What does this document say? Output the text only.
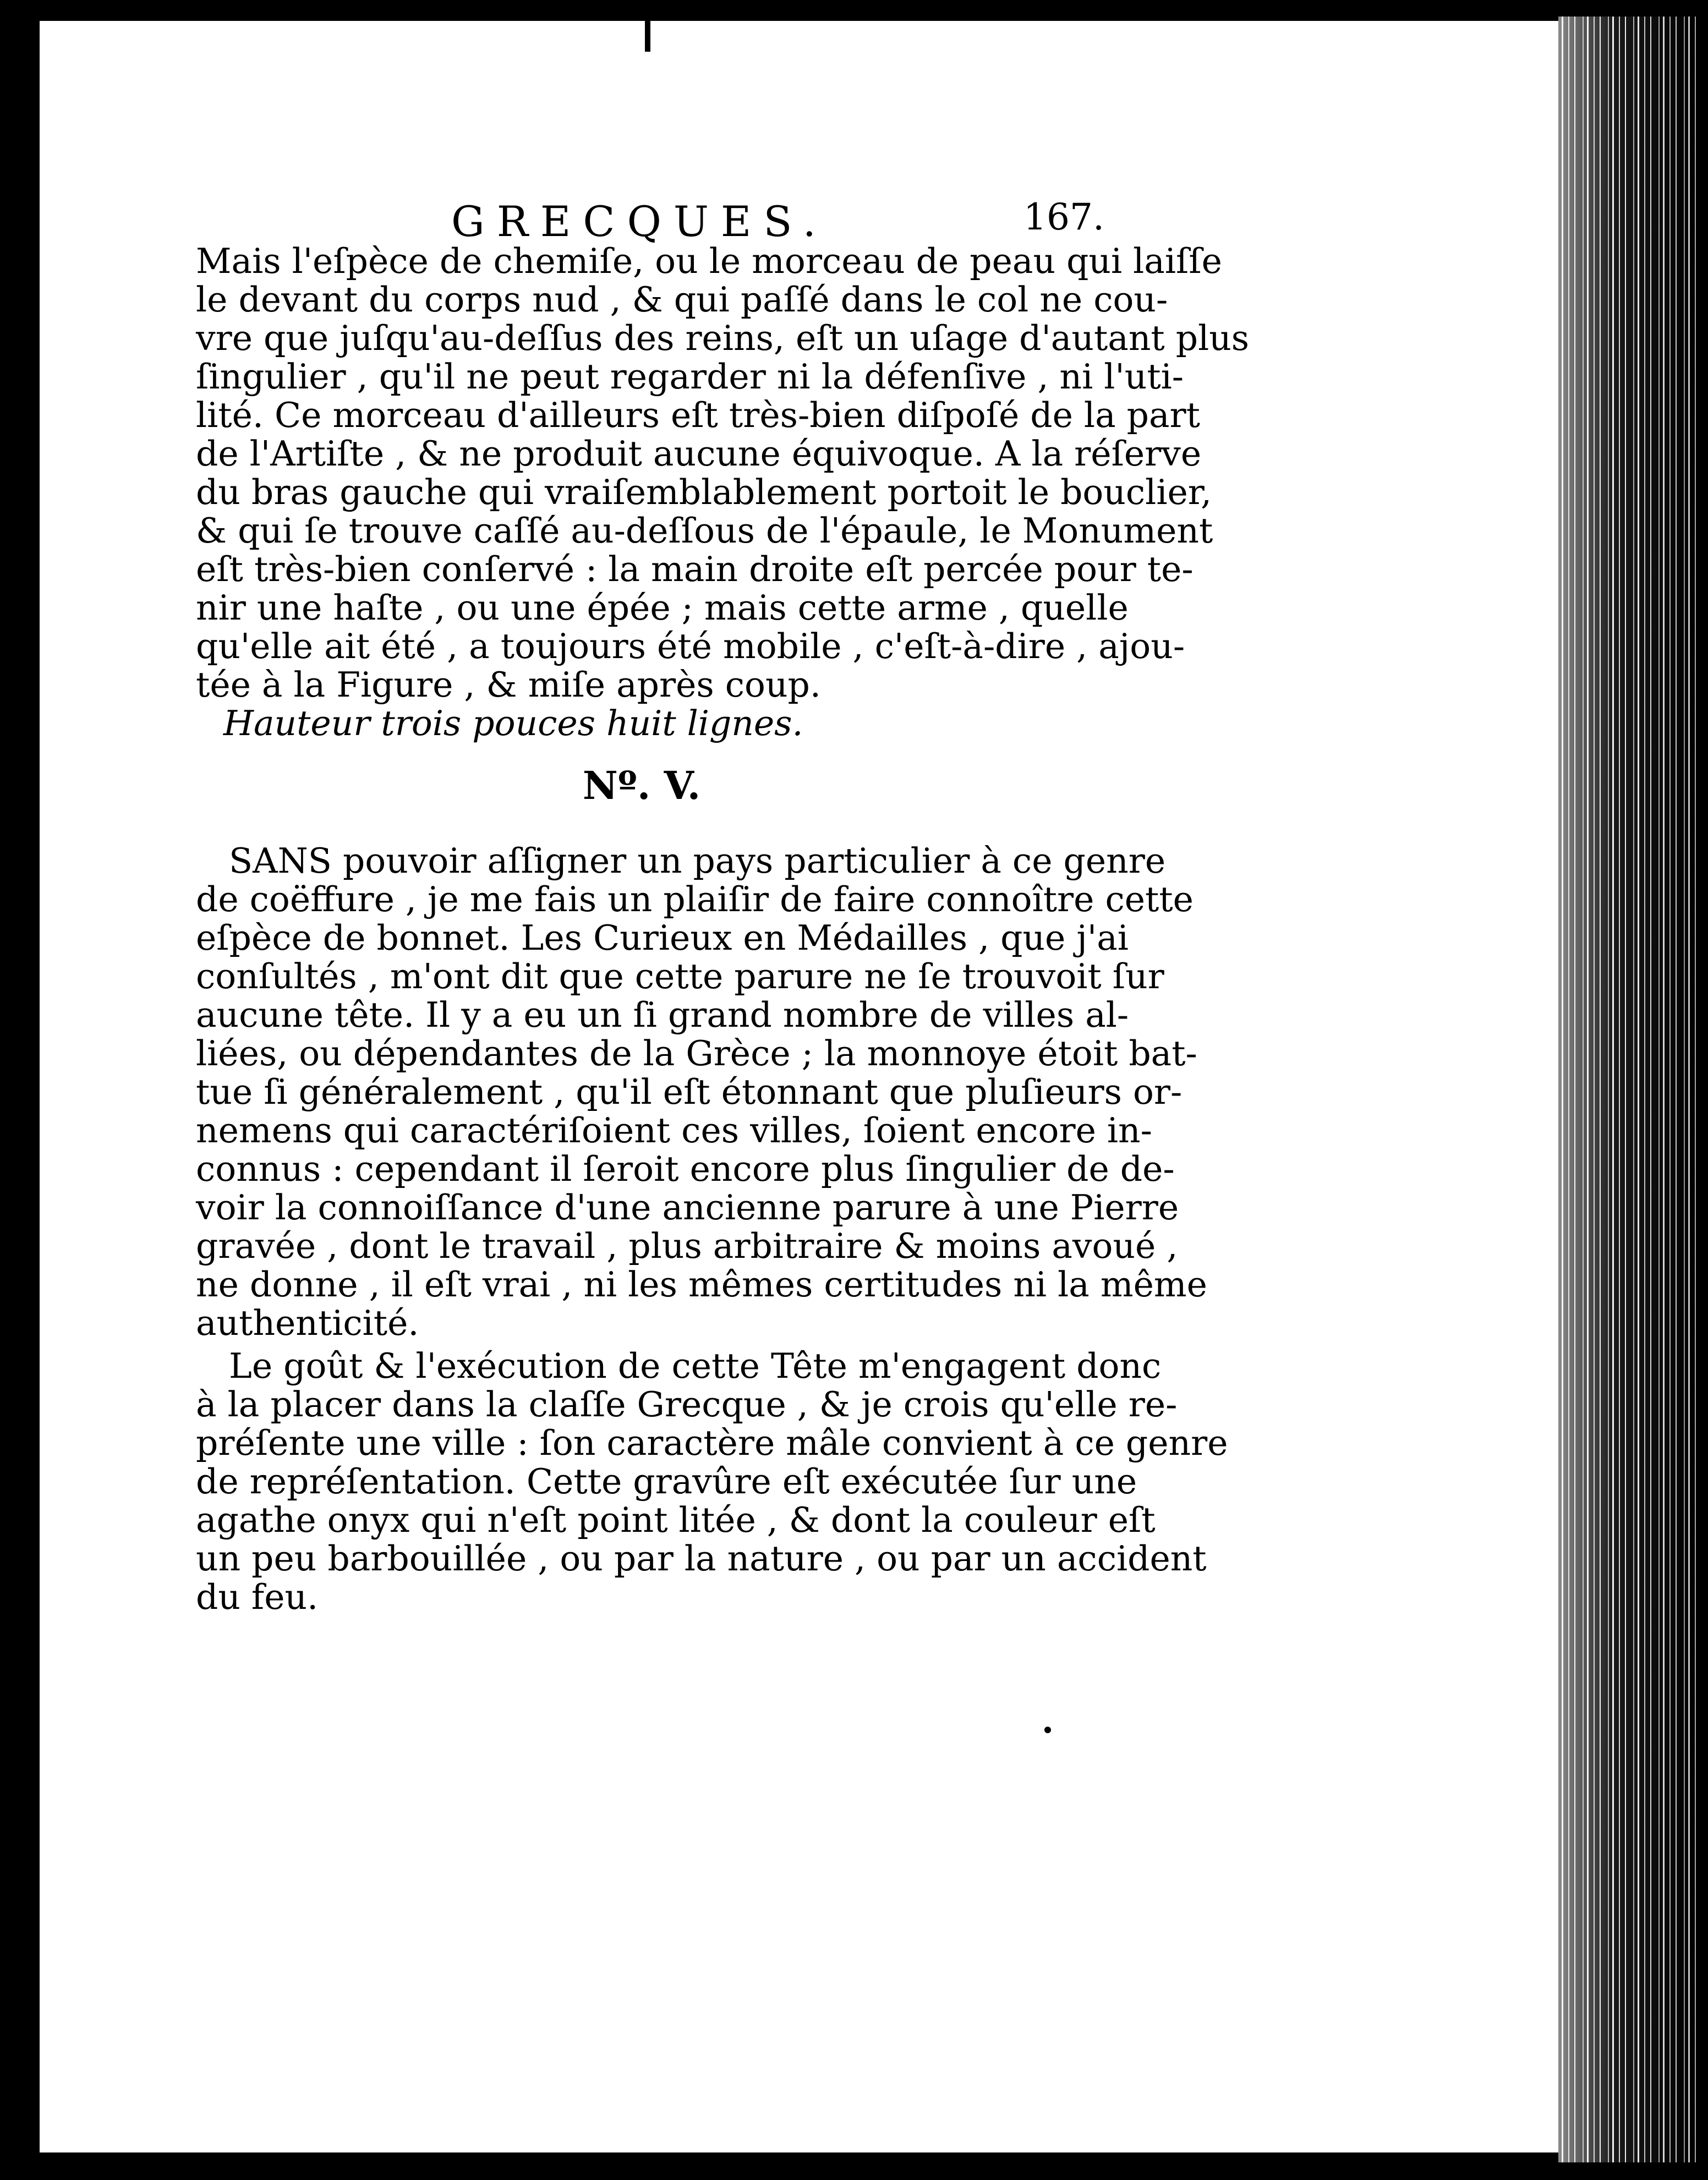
GRECQUES.	167.
Mais l'eſpèce de chemiſe, ou le morceau de peau qui laiſſe
le devant du corps nud , & qui paſſé dans le col ne cou-
vre que juſqu'au-deſſus des reins, eſt un uſage d'autant plus
ſingulier , qu'il ne peut regarder ni la défenſive , ni l'uti-
lité. Ce morceau d'ailleurs eſt très-bien diſpoſé de la part
de l'Artiſte , & ne produit aucune équivoque. A la réſerve
du bras gauche qui vraiſemblablement portoit le bouclier,
& qui ſe trouve caſſé au-deſſous de l'épaule, le Monument
eſt très-bien conſervé : la main droite eſt percée pour te-
nir une haſte , ou une épée ; mais cette arme , quelle
qu'elle ait été , a toujours été mobile , c'eſt-à-dire , ajou-
tée à la Figure , & miſe après coup.
Hauteur trois pouces huit lignes.
Nº. V.
SANS pouvoir aſſigner un pays particulier à ce genre
de coëffure , je me fais un plaiſir de faire connoître cette
eſpèce de bonnet. Les Curieux en Médailles , que j'ai
conſultés , m'ont dit que cette parure ne ſe trouvoit ſur
aucune tête. Il y a eu un ſi grand nombre de villes al-
liées, ou dépendantes de la Grèce ; la monnoye étoit bat-
tue ſi généralement , qu'il eſt étonnant que pluſieurs or-
nemens qui caractériſoient ces villes, ſoient encore in-
connus : cependant il ſeroit encore plus ſingulier de de-
voir la connoiſſance d'une ancienne parure à une Pierre
gravée , dont le travail , plus arbitraire & moins avoué ,
ne donne , il eſt vrai , ni les mêmes certitudes ni la même
authenticité.
Le goût & l'exécution de cette Tête m'engagent donc
à la placer dans la claſſe Grecque , & je crois qu'elle re-
préſente une ville : ſon caractère mâle convient à ce genre
de repréſentation. Cette gravûre eſt exécutée ſur une
agathe onyx qui n'eſt point litée , & dont la couleur eſt
un peu barbouillée , ou par la nature , ou par un accident
du feu.
